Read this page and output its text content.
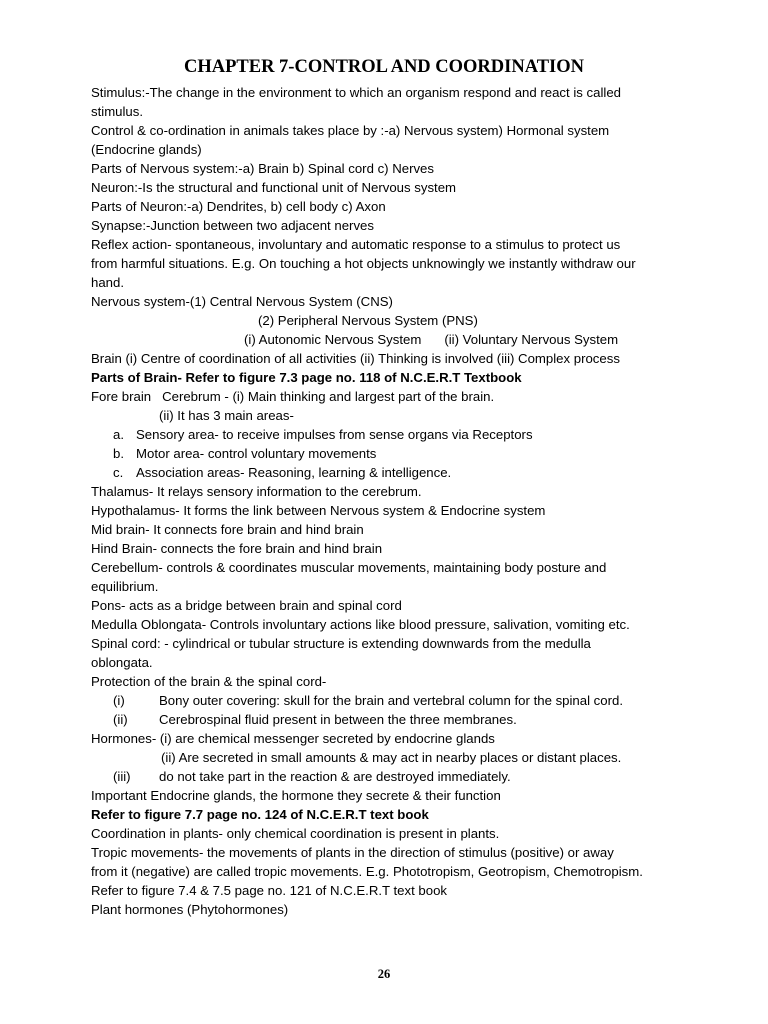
CHAPTER 7-CONTROL AND COORDINATION
Stimulus:-The change in the environment to which an organism respond and react is called
stimulus.
Control & co-ordination in animals takes place by :-a) Nervous system) Hormonal system
(Endocrine glands)
Parts of Nervous system:-a) Brain b) Spinal cord c) Nerves
Neuron:-Is the structural and functional unit of Nervous system
Parts of Neuron:-a) Dendrites, b) cell body c) Axon
Synapse:-Junction between two adjacent nerves
Reflex action- spontaneous, involuntary and automatic response to a stimulus to protect us
from harmful situations. E.g. On touching a hot objects unknowingly we instantly withdraw our
hand.
Nervous system-(1) Central Nervous System (CNS)
(2) Peripheral Nervous System (PNS)
(i) Autonomic Nervous System (ii) Voluntary Nervous System
Brain (i) Centre of coordination of all activities (ii) Thinking is involved (iii) Complex process
Parts of Brain- Refer to figure 7.3 page no. 118 of N.C.E.R.T Textbook
Fore brain   Cerebrum - (i) Main thinking and largest part of the brain.
(ii) It has 3 main areas-
a. Sensory area- to receive impulses from sense organs via Receptors
b. Motor area- control voluntary movements
c. Association areas- Reasoning, learning & intelligence.
Thalamus- It relays sensory information to the cerebrum.
Hypothalamus- It forms the link between Nervous system & Endocrine system
Mid brain- It connects fore brain and hind brain
Hind Brain- connects the fore brain and hind brain
Cerebellum- controls & coordinates muscular movements, maintaining body posture and
equilibrium.
Pons- acts as a bridge between brain and spinal cord
Medulla Oblongata- Controls involuntary actions like blood pressure, salivation, vomiting etc.
Spinal cord: - cylindrical or tubular structure is extending downwards from the medulla
oblongata.
Protection of the brain & the spinal cord-
(i)	Bony outer covering: skull for the brain and vertebral column for the spinal cord.
(ii) Cerebrospinal fluid present in between the three membranes.
Hormones- (i) are chemical messenger secreted by endocrine glands
(ii) Are secreted in small amounts & may act in nearby places or distant places.
(iii) do not take part in the reaction & are destroyed immediately.
Important Endocrine glands, the hormone they secrete & their function
Refer to figure 7.7 page no. 124 of N.C.E.R.T text book
Coordination in plants- only chemical coordination is present in plants.
Tropic movements- the movements of plants in the direction of stimulus (positive) or away
from it (negative) are called tropic movements. E.g. Phototropism, Geotropism, Chemotropism.
Refer to figure 7.4 & 7.5 page no. 121 of N.C.E.R.T text book
Plant hormones (Phytohormones)
26
